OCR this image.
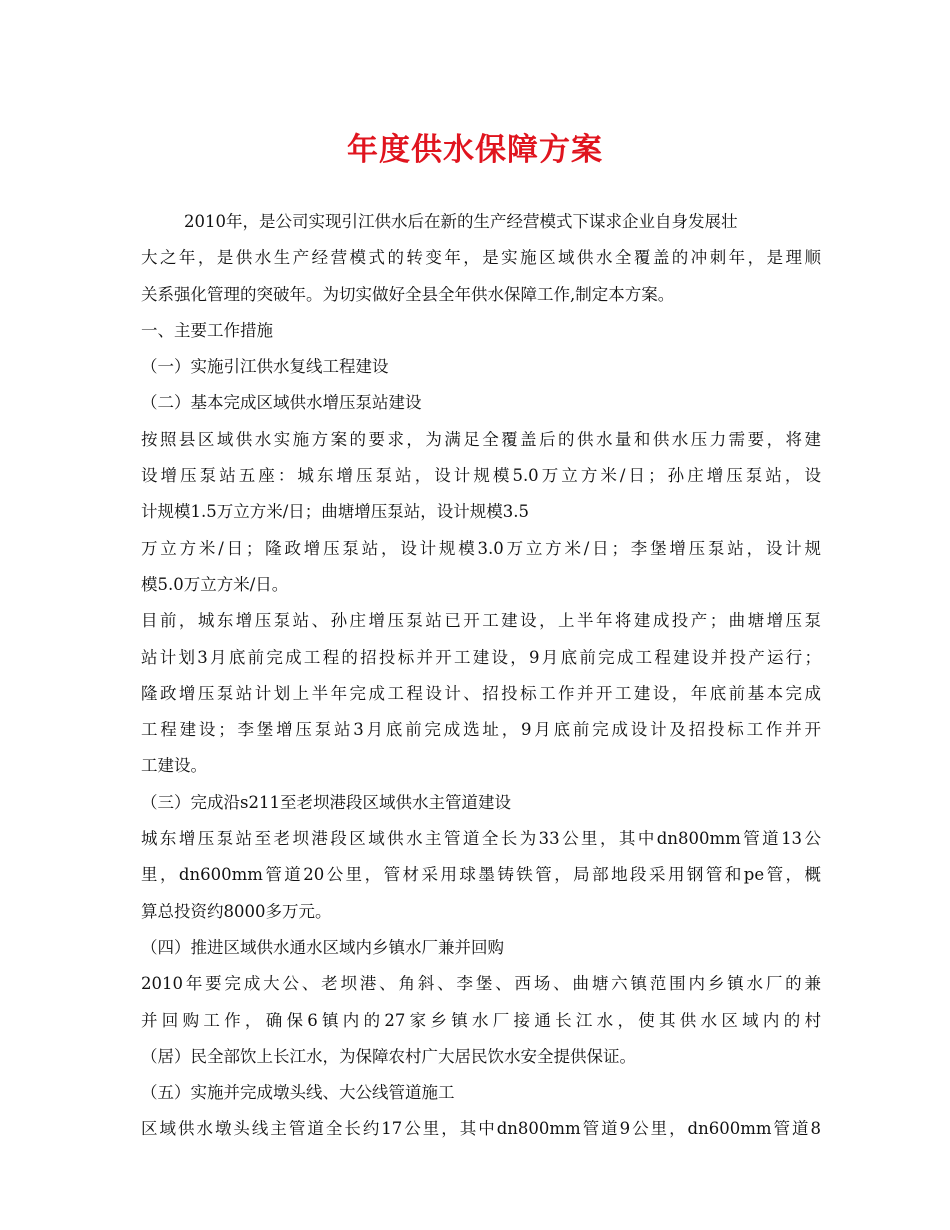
年度供水保障方案

2010年，是公司实现引江供水后在新的生产经营模式下谋求企业自身发展壮

大之年，是供水生产经营模式的转变年，是实施区域供水全覆盖的冲刺年，是理顺

关系强化管理的突破年。为切实做好全县全年供水保障工作,制定本方案。

一、主要工作措施

（一）实施引江供水复线工程建设

（二）基本完成区域供水增压泵站建设

按照县区域供水实施方案的要求，为满足全覆盖后的供水量和供水压力需要，将建

设增压泵站五座：城东增压泵站，设计规模5.0万立方米/日；孙庄增压泵站，设

计规模1.5万立方米/日；曲塘增压泵站，设计规模3.5

万立方米/日；隆政增压泵站，设计规模3.0万立方米/日；李堡增压泵站，设计规

模5.0万立方米/日。

目前，城东增压泵站、孙庄增压泵站已开工建设，上半年将建成投产；曲塘增压泵

站计划3月底前完成工程的招投标并开工建设，9月底前完成工程建设并投产运行；

隆政增压泵站计划上半年完成工程设计、招投标工作并开工建设，年底前基本完成

工程建设；李堡增压泵站3月底前完成选址，9月底前完成设计及招投标工作并开

工建设。

（三）完成沿s211至老坝港段区域供水主管道建设

城东增压泵站至老坝港段区域供水主管道全长为33公里，其中dn800mm管道13公

里，dn600mm管道20公里，管材采用球墨铸铁管，局部地段采用钢管和pe管，概

算总投资约8000多万元。

（四）推进区域供水通水区域内乡镇水厂兼并回购

2010年要完成大公、老坝港、角斜、李堡、西场、曲塘六镇范围内乡镇水厂的兼

并回购工作，确保6镇内的27家乡镇水厂接通长江水，使其供水区域内的村

（居）民全部饮上长江水，为保障农村广大居民饮水安全提供保证。

（五）实施并完成墩头线、大公线管道施工

区域供水墩头线主管道全长约17公里，其中dn800mm管道9公里，dn600mm管道8
